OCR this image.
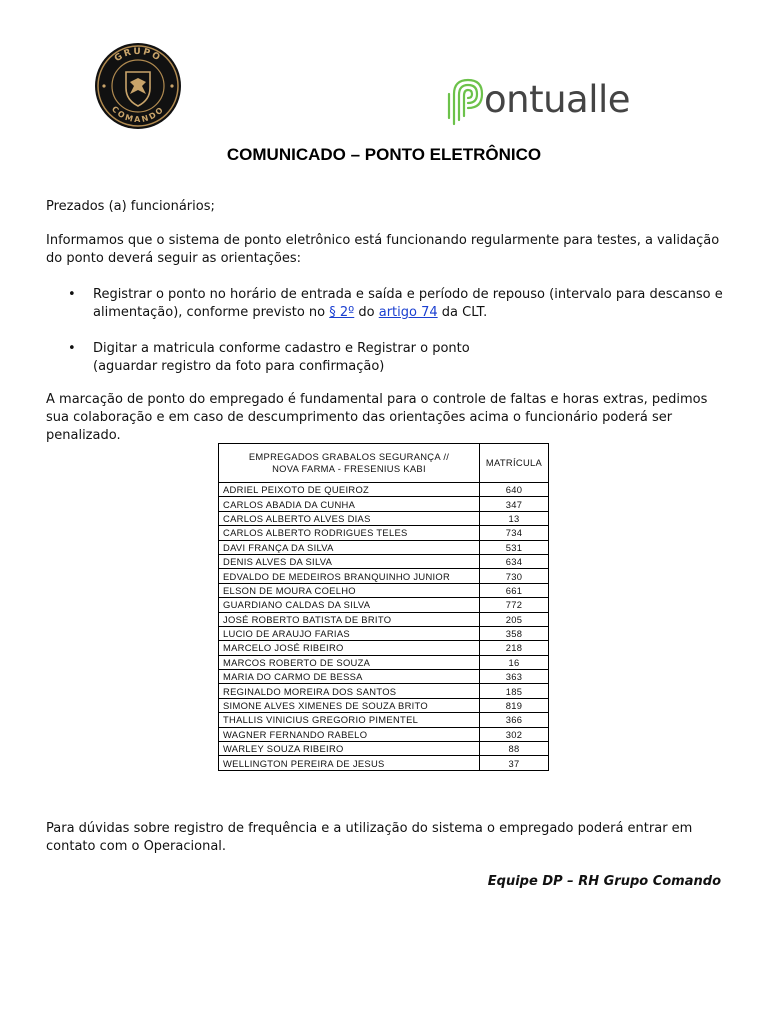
GRUPO
COMANDO	ontualle
COMUNICADO – PONTO ELETRÔNICO
Prezados (a) funcionários;
Informamos que o sistema de ponto eletrônico está funcionando regularmente para testes, a validação do ponto deverá seguir as orientações:
• Registrar o ponto no horário de entrada e saída e período de repouso (intervalo para descanso e alimentação), conforme previsto no § 2º do artigo 74 da CLT.
• Digitar a matricula conforme cadastro e Registrar o ponto
(aguardar registro da foto para confirmação)
A marcação de ponto do empregado é fundamental para o controle de faltas e horas extras, pedimos sua colaboração e em caso de descumprimento das orientações acima o funcionário poderá ser penalizado.
EMPREGADOS GRABALOS SEGURANÇA //
NOVA FARMA - FRESENIUS KABI	MATRÍCULA
ADRIEL PEIXOTO DE QUEIROZ	640
CARLOS ABADIA DA CUNHA	347
CARLOS ALBERTO ALVES DIAS	13
CARLOS ALBERTO RODRIGUES TELES	734
DAVI FRANÇA DA SILVA	531
DENIS ALVES DA SILVA	634
EDVALDO DE MEDEIROS BRANQUINHO JUNIOR	730
ELSON DE MOURA COELHO	661
GUARDIANO CALDAS DA SILVA	772
JOSÉ ROBERTO BATISTA DE BRITO	205
LUCIO DE ARAUJO FARIAS	358
MARCELO JOSÉ RIBEIRO	218
MARCOS ROBERTO DE SOUZA	16
MARIA DO CARMO DE BESSA	363
REGINALDO MOREIRA DOS SANTOS	185
SIMONE ALVES XIMENES DE SOUZA BRITO	819
THALLIS VINICIUS GREGORIO PIMENTEL	366
WAGNER FERNANDO RABELO	302
WARLEY SOUZA RIBEIRO	88
WELLINGTON PEREIRA DE JESUS	37
Para dúvidas sobre registro de frequência e a utilização do sistema o empregado poderá entrar em contato com o Operacional.
Equipe DP – RH Grupo Comando
